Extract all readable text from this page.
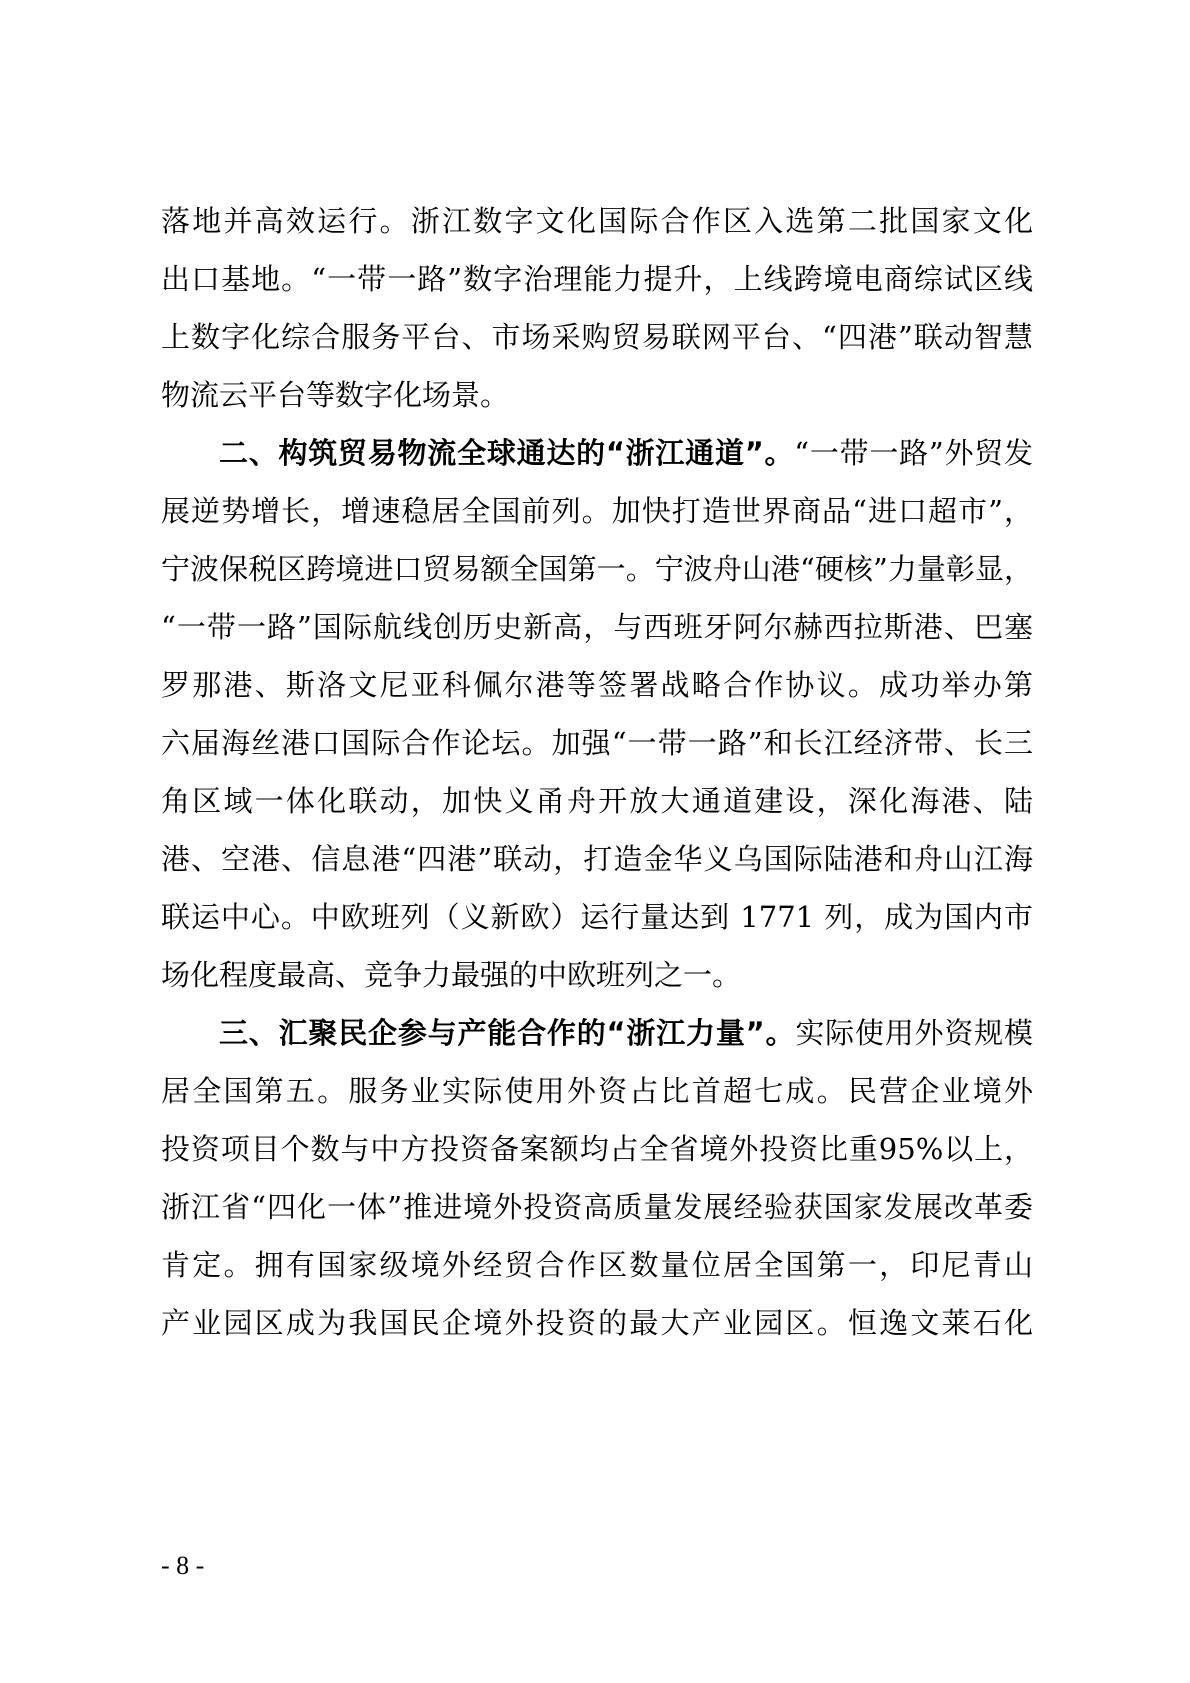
落地并高效运行。浙江数字文化国际合作区入选第二批国家文化
出口基地。“一带一路”数字治理能力提升，上线跨境电商综试区线
上数字化综合服务平台、市场采购贸易联网平台、“四港”联动智慧
物流云平台等数字化场景。
二、构筑贸易物流全球通达的“浙江通道”。“一带一路”外贸发
展逆势增长，增速稳居全国前列。加快打造世界商品“进口超市”，
宁波保税区跨境进口贸易额全国第一。宁波舟山港“硬核”力量彰显，
“一带一路”国际航线创历史新高，与西班牙阿尔赫西拉斯港、巴塞
罗那港、斯洛文尼亚科佩尔港等签署战略合作协议。成功举办第
六届海丝港口国际合作论坛。加强“一带一路”和长江经济带、长三
角区域一体化联动，加快义甬舟开放大通道建设，深化海港、陆
港、空港、信息港“四港”联动，打造金华义乌国际陆港和舟山江海
联运中心。中欧班列（义新欧）运行量达到 1771 列，成为国内市
场化程度最高、竞争力最强的中欧班列之一。
三、汇聚民企参与产能合作的“浙江力量”。实际使用外资规模
居全国第五。服务业实际使用外资占比首超七成。民营企业境外
投资项目个数与中方投资备案额均占全省境外投资比重95%以上，
浙江省“四化一体”推进境外投资高质量发展经验获国家发展改革委
肯定。拥有国家级境外经贸合作区数量位居全国第一，印尼青山
产业园区成为我国民企境外投资的最大产业园区。恒逸文莱石化
- 8 -
